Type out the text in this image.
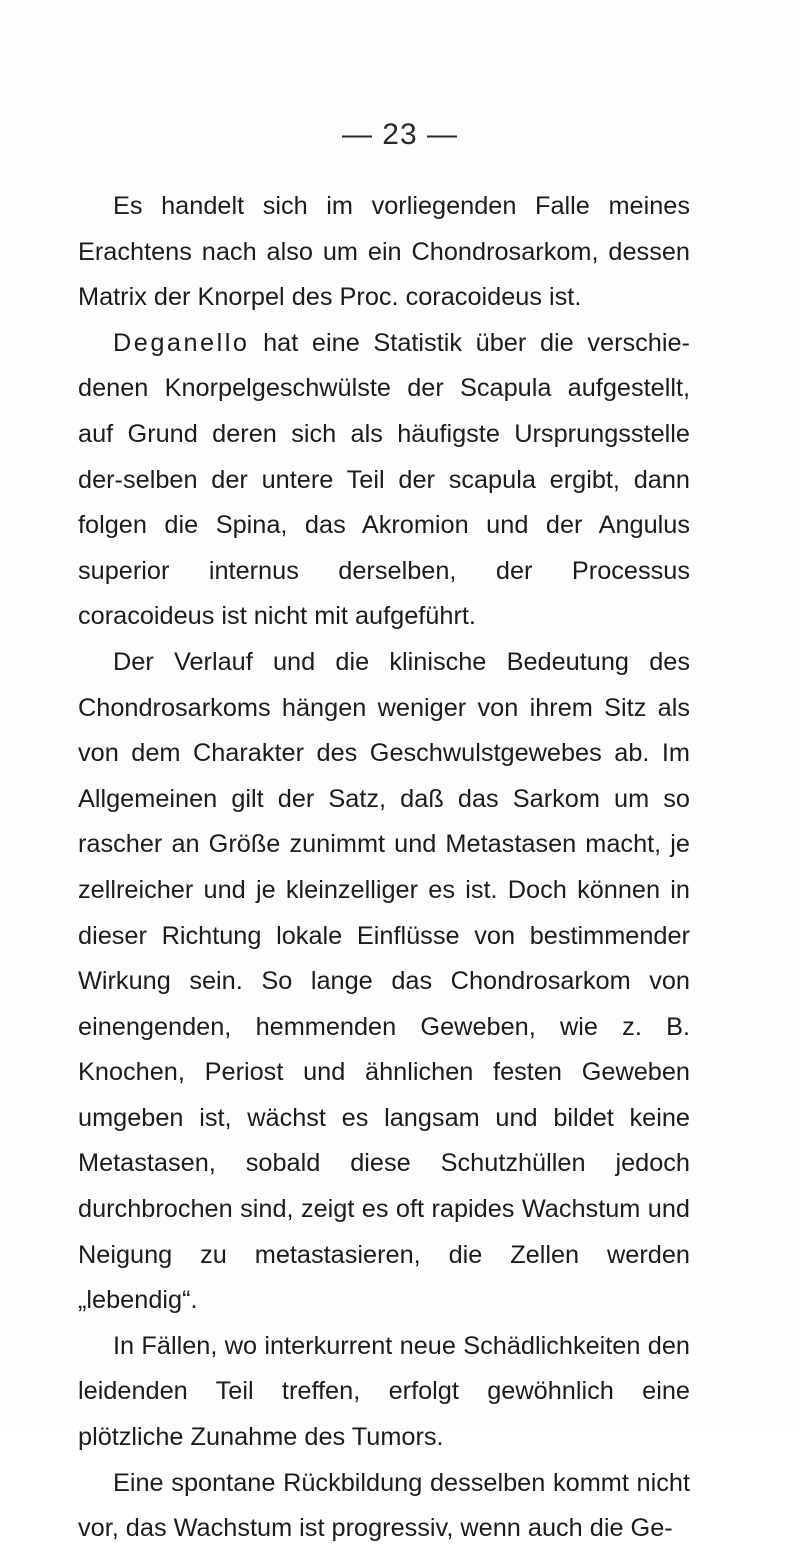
— 23 —

Es handelt sich im vorliegenden Falle meines Erachtens nach also um ein Chondrosarkom, dessen Matrix der Knorpel des Proc. coracoideus ist.

Deganello hat eine Statistik über die verschie-denen Knorpelgeschwülste der Scapula aufgestellt, auf Grund deren sich als häufigste Ursprungsstelle der-selben der untere Teil der scapula ergibt, dann folgen die Spina, das Akromion und der Angulus superior internus derselben, der Processus coracoideus ist nicht mit aufgeführt.

Der Verlauf und die klinische Bedeutung des Chondrosarkoms hängen weniger von ihrem Sitz als von dem Charakter des Geschwulstgewebes ab. Im Allgemeinen gilt der Satz, daß das Sarkom um so rascher an Größe zunimmt und Metastasen macht, je zellreicher und je kleinzelliger es ist. Doch können in dieser Richtung lokale Einflüsse von bestimmender Wirkung sein. So lange das Chondrosarkom von einengenden, hemmenden Geweben, wie z. B. Knochen, Periost und ähnlichen festen Geweben umgeben ist, wächst es langsam und bildet keine Metastasen, sobald diese Schutzhüllen jedoch durchbrochen sind, zeigt es oft rapides Wachstum und Neigung zu metastasieren, die Zellen werden „lebendig“.

In Fällen, wo interkurrent neue Schädlichkeiten den leidenden Teil treffen, erfolgt gewöhnlich eine plötzliche Zunahme des Tumors.

Eine spontane Rückbildung desselben kommt nicht vor, das Wachstum ist progressiv, wenn auch die Ge-
